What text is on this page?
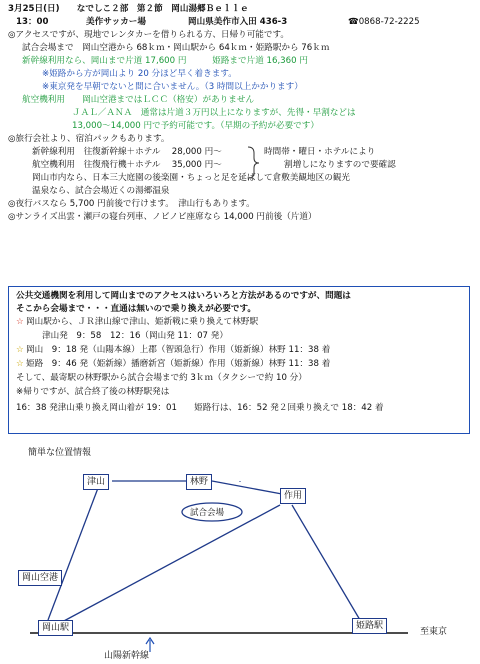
3月25日(日)　　なでしこ２部　第２節　岡山湯郷Ｂｅｌｌｅ
13：00	美作サッカー場	岡山県美作市入田 436-3	☎0868-72-2225
◎アクセスですが、現地でレンタカーを借りられる方、日帰り可能です。
試合会場まで　岡山空港から 68ｋｍ・岡山駅から 64ｋｍ・姫路駅から 76ｋｍ
新幹線利用なら、岡山まで片道 17,600 円　　　姫路まで片道 16,360 円
※姫路から方が岡山より 20 分ほど早く着きます。
※東京発を早朝でないと間に合いません。（3 時間以上かかります）
航空機利用　　岡山空港まではＬＣＣ（格安）がありません
ＪＡＬ／ＡＮＡ　通常は片道３万円以上になりますが、先得・早割などは
13,000～14,000 円で予約可能です。（早期の予約が必要です）
◎旅行会社より、宿泊パックもあります。
新幹線利用　往復新幹線＋ホテル　 28,000 円～	時間帯・曜日・ホテルにより
航空機利用　往復飛行機＋ホテル　 35,000 円～	割増しになりますので要確認
岡山市内なら、日本三大庭園の後楽園・ちょっと足を延ばして倉敷美観地区の観光
温泉なら、試合会場近くの湯郷温泉
◎夜行バスなら 5,700 円前後で行けます。　津山行もあります。
◎サンライズ出雲・瀬戸の寝台列車、ノビノビ座席なら 14,000 円前後（片道）
公共交通機関を利用して岡山までのアクセスはいろいろと方法があるのですが、問題は
そこから会場まで・・・直通は無いので乗り換えが必要です。
☆ 岡山駅から、ＪＲ津山線で津山、姫新戦に乗り換えて林野駅
津山発　9：58　12：16（岡山発 11：07 発）
☆ 岡山　9：18 発（山陽本線）上郡（智頭急行）作用（姫新線）林野 11：38 着
☆ 姫路　9：46 発（姫新線）播磨新宮（姫新線）作用（姫新線）林野 11：38 着
そして、最寄駅の林野駅から試合会場まで約 3ｋｍ（タクシーで約 10 分）
※帰りですが、試合終了後の林野駅発は
16：38 発津山乗り換え岡山着が 19：01　　姫路行は、16：52 発２回乗り換えで 18：42 着
簡単な位置情報
津山	林野
作用
試合会場
岡山空港
岡山駅	姫路駅
至東京
山陽新幹線
